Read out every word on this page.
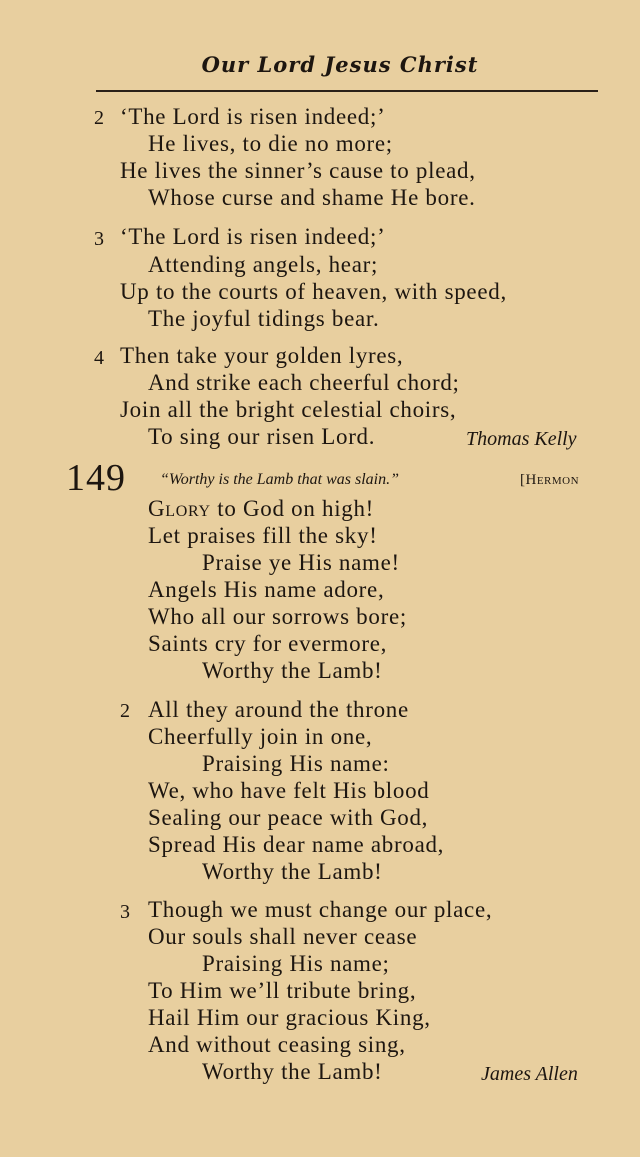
Our Lord Jesus Christ
2 ‘The Lord is risen indeed;’
He lives, to die no more;
He lives the sinner’s cause to plead,
Whose curse and shame He bore.
3 ‘The Lord is risen indeed;’
Attending angels, hear;
Up to the courts of heaven, with speed,
The joyful tidings bear.
4 Then take your golden lyres,
And strike each cheerful chord;
Join all the bright celestial choirs,
To sing our risen Lord.	Thomas Kelly
149 “Worthy is the Lamb that was slain.”	[Hermon
Glory to God on high!
Let praises fill the sky!
Praise ye His name!
Angels His name adore,
Who all our sorrows bore;
Saints cry for evermore,
Worthy the Lamb!
2 All they around the throne
Cheerfully join in one,
Praising His name:
We, who have felt His blood
Sealing our peace with God,
Spread His dear name abroad,
Worthy the Lamb!
3 Though we must change our place,
Our souls shall never cease
Praising His name;
To Him we’ll tribute bring,
Hail Him our gracious King,
And without ceasing sing,
Worthy the Lamb!	James Allen
